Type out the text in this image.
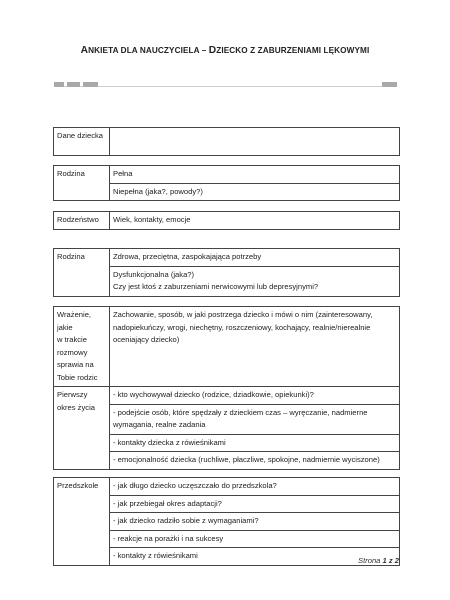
ANKIETA DLA NAUCZYCIELA – DZIECKO Z ZABURZENIAMI LĘKOWYMI
Dane dziecka	
Rodzina	Pełna
Niepełna (jaka?, powody?)
Rodzeństwo	Wiek, kontakty, emocje
Rodzina	Zdrowa, przeciętna, zaspokajająca potrzeby

Dysfunkcjonalna (jaka?)
Czy jest ktoś z zaburzeniami nerwicowymi lub depresyjnymi?
Wrażenie, jakie
w trakcie
rozmowy
sprawia na
Tobie rodzic
	Zachowanie, sposób, w jaki postrzega dziecko i mówi o nim (zainteresowany, nadopiekuńczy, wrogi, niechętny, roszczeniowy, kochający, realnie/nierealnie oceniający dziecko)
Pierwszy okres życia	- kto wychowywał dziecko (rodzice, dziadkowie, opiekunki)?
- podejście osób, które spędzały z dzieckiem czas – wyręczanie, nadmierne wymagania, realne zadania
- kontakty dziecka z rówieśnikami
- emocjonalność dziecka (ruchliwe, płaczliwe, spokojne, nadmiernie wyciszone)
Przedszkole	- jak długo dziecko uczęszczało do przedszkola?
- jak przebiegał okres adaptacji?
- jak dziecko radziło sobie z wymaganiami?
- reakcje na porażki i na sukcesy
- kontakty z rówieśnikami
Strona 1 z 2
